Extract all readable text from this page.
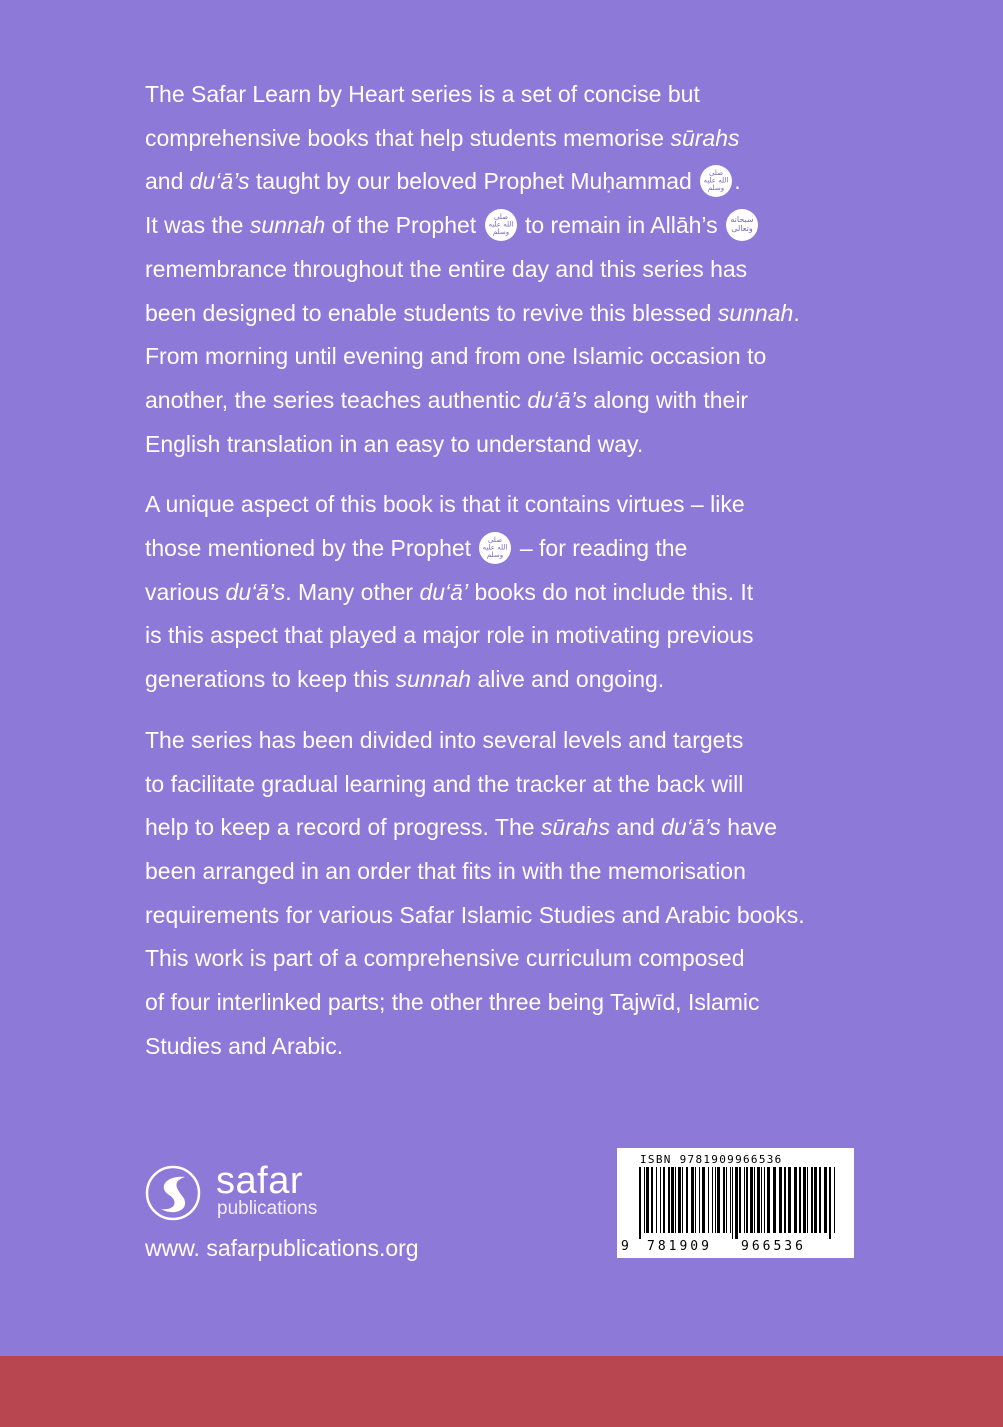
The Safar Learn by Heart series is a set of concise but
comprehensive books that help students memorise sūrahs
and du‘ā’s taught by our beloved Prophet Muḥammad صلى
الله عليه
وسلم .
It was the sunnah of the Prophet صلى
الله عليه
وسلم to remain in Allāh’s سبحانه
وتعالى
remembrance throughout the entire day and this series has
been designed to enable students to revive this blessed sunnah.
From morning until evening and from one Islamic occasion to
another, the series teaches authentic du‘ā’s along with their
English translation in an easy to understand way.
A unique aspect of this book is that it contains virtues – like
those mentioned by the Prophet صلى
الله عليه
وسلم – for reading the
various du‘ā’s. Many other du‘ā’ books do not include this. It
is this aspect that played a major role in motivating previous
generations to keep this sunnah alive and ongoing.
The series has been divided into several levels and targets
to facilitate gradual learning and the tracker at the back will
help to keep a record of progress. The sūrahs and du‘ā’s have
been arranged in an order that fits in with the memorisation
requirements for various Safar Islamic Studies and Arabic books.
This work is part of a comprehensive curriculum composed
of four interlinked parts; the other three being Tajwīd, Islamic
Studies and Arabic.
safar
publications
www. safarpublications.org
ISBN 9781909966536
9 781909 966536
